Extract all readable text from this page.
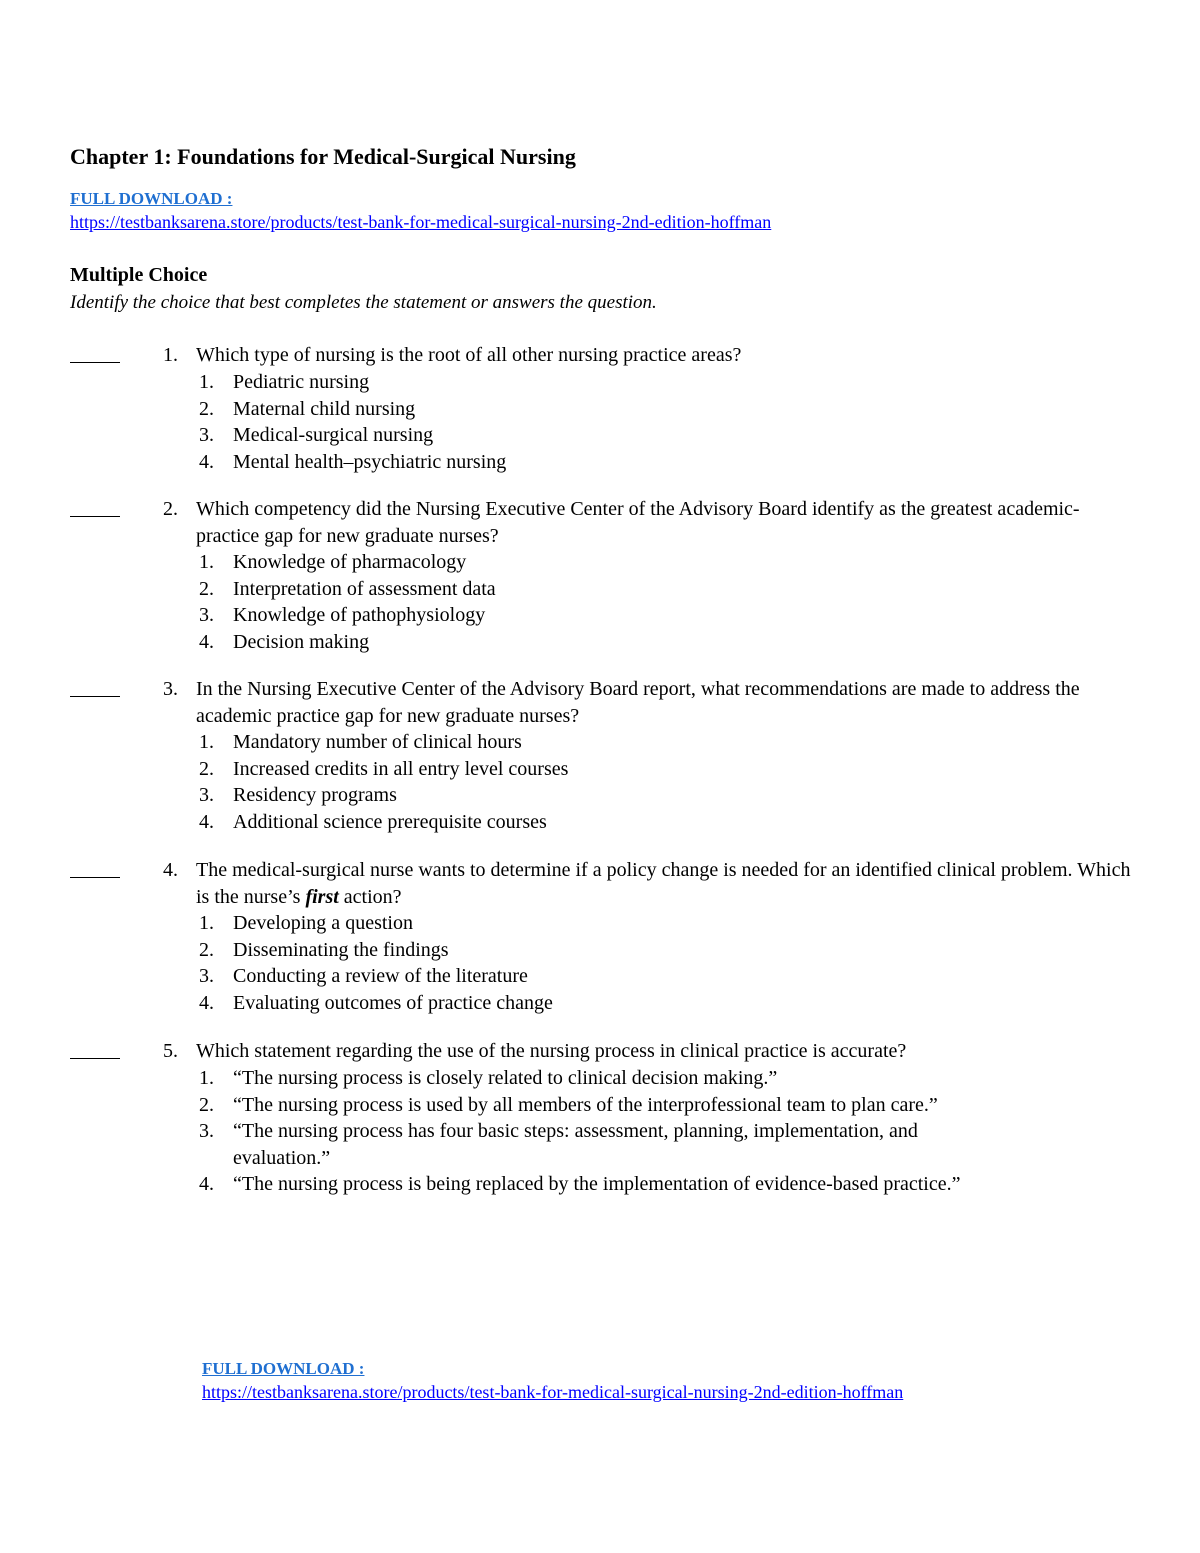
Chapter 1: Foundations for Medical-Surgical Nursing
FULL DOWNLOAD :
https://testbanksarena.store/products/test-bank-for-medical-surgical-nursing-2nd-edition-hoffman
Multiple Choice
Identify the choice that best completes the statement or answers the question.
1. Which type of nursing is the root of all other nursing practice areas?
1. Pediatric nursing
2. Maternal child nursing
3. Medical-surgical nursing
4. Mental health–psychiatric nursing
2. Which competency did the Nursing Executive Center of the Advisory Board identify as the greatest academic-practice gap for new graduate nurses?
1. Knowledge of pharmacology
2. Interpretation of assessment data
3. Knowledge of pathophysiology
4. Decision making
3. In the Nursing Executive Center of the Advisory Board report, what recommendations are made to address the academic practice gap for new graduate nurses?
1. Mandatory number of clinical hours
2. Increased credits in all entry level courses
3. Residency programs
4. Additional science prerequisite courses
4. The medical-surgical nurse wants to determine if a policy change is needed for an identified clinical problem. Which is the nurse’s first action?
1. Developing a question
2. Disseminating the findings
3. Conducting a review of the literature
4. Evaluating outcomes of practice change
5. Which statement regarding the use of the nursing process in clinical practice is accurate?
1. “The nursing process is closely related to clinical decision making.”
2. “The nursing process is used by all members of the interprofessional team to plan care.”
3. “The nursing process has four basic steps: assessment, planning, implementation, and evaluation.”
4. “The nursing process is being replaced by the implementation of evidence-based practice.”
FULL DOWNLOAD :
https://testbanksarena.store/products/test-bank-for-medical-surgical-nursing-2nd-edition-hoffman
